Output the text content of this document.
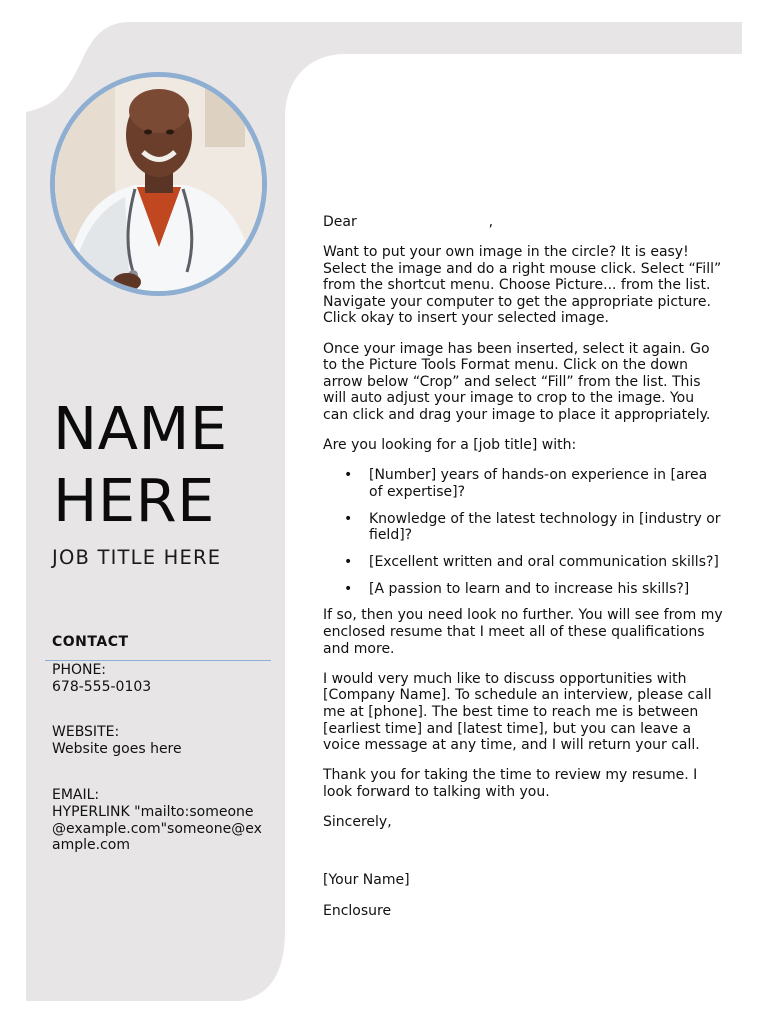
NAME
HERE
JOB TITLE HERE
CONTACT
PHONE:
678-555-0103
WEBSITE:
Website goes here
EMAIL:
HYPERLINK "mailto:someone@example.com"someone@example.com

Dear	,

Want to put your own image in the circle? It is easy! Select the image and do a right mouse click. Select “Fill” from the shortcut menu. Choose Picture... from the list. Navigate your computer to get the appropriate picture. Click okay to insert your selected image.

Once your image has been inserted, select it again. Go to the Picture Tools Format menu. Click on the down arrow below “Crop” and select “Fill” from the list. This will auto adjust your image to crop to the image. You can click and drag your image to place it appropriately.

Are you looking for a [job title] with:

• [Number] years of hands-on experience in [area of expertise]?
• Knowledge of the latest technology in [industry or field]?
• [Excellent written and oral communication skills?]
• [A passion to learn and to increase his skills?]

If so, then you need look no further. You will see from my enclosed resume that I meet all of these qualifications and more.

I would very much like to discuss opportunities with [Company Name]. To schedule an interview, please call me at [phone]. The best time to reach me is between [earliest time] and [latest time], but you can leave a voice message at any time, and I will return your call.

Thank you for taking the time to review my resume. I look forward to talking with you.

Sincerely,

[Your Name]

Enclosure
